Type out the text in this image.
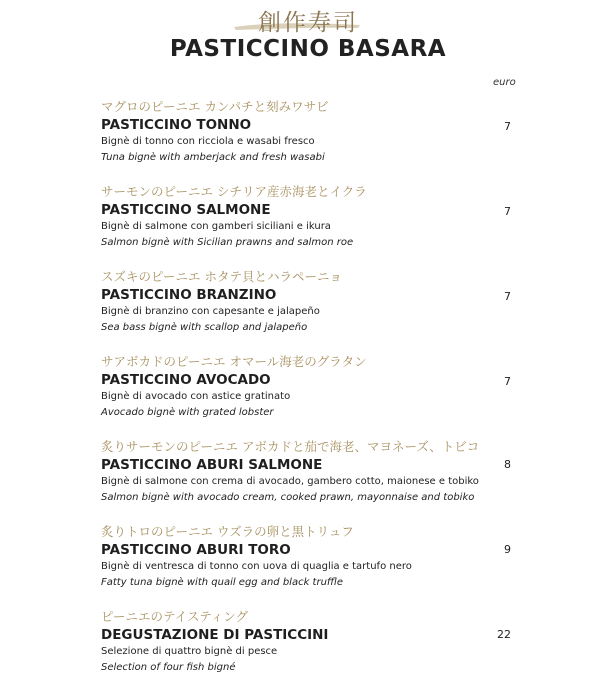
創作寿司
PASTICCINO BASARA
euro
マグロのピーニエ カンパチと刻みワサビ
PASTICCINO TONNO
Bignè di tonno con ricciola e wasabi fresco
Tuna bignè with amberjack and fresh wasabi
7
サーモンのピーニエ シチリア産赤海老とイクラ
PASTICCINO SALMONE
Bignè di salmone con gamberi siciliani e ikura
Salmon bignè with Sicilian prawns and salmon roe
7
スズキのピーニエ ホタテ貝とハラペーニョ
PASTICCINO BRANZINO
Bignè di branzino con capesante e jalapeño
Sea bass bignè with scallop and jalapeño
7
サアボカドのピーニエ オマール海老のグラタン
PASTICCINO AVOCADO
Bignè di avocado con astice gratinato
Avocado bignè with grated lobster
7
炙りサーモンのピーニエ アボカドと茄で海老、マヨネーズ、トビコ
PASTICCINO ABURI SALMONE
Bignè di salmone con crema di avocado, gambero cotto, maionese e tobiko
Salmon bignè with avocado cream, cooked prawn, mayonnaise and tobiko
8
炙りトロのピーニエ ウズラの卵と黒トリュフ
PASTICCINO ABURI TORO
Bignè di ventresca di tonno con uova di quaglia e tartufo nero
Fatty tuna bignè with quail egg and black truffle
9
ピーニエのテイスティング
DEGUSTAZIONE DI PASTICCINI
Selezione di quattro bignè di pesce
Selection of four fish bigné
22
